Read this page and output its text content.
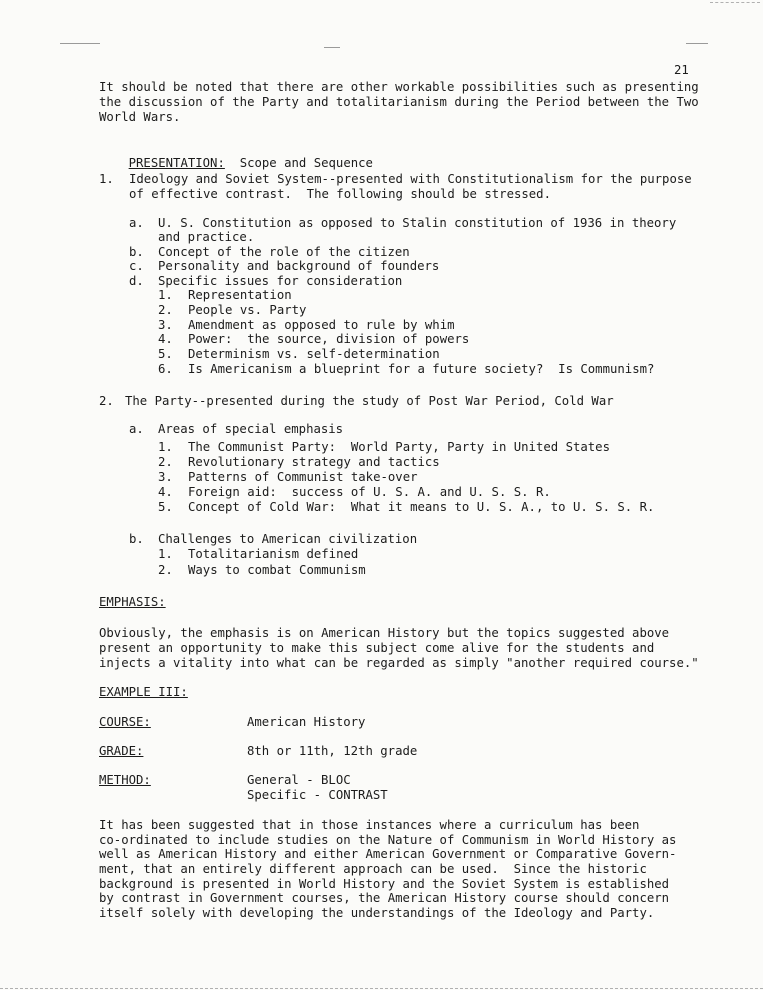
21
It should be noted that there are other workable possibilities such as presenting
the discussion of the Party and totalitarianism during the Period between the Two
World Wars.

PRESENTATION: Scope and Sequence

1. Ideology and Soviet System--presented with Constitutionalism for the purpose
of effective contrast.  The following should be stressed.
a. U. S. Constitution as opposed to Stalin constitution of 1936 in theory
and practice.
b. Concept of the role of the citizen
c. Personality and background of founders
d. Specific issues for consideration
1. Representation
2. People vs. Party
3. Amendment as opposed to rule by whim
4. Power:  the source, division of powers
5. Determinism vs. self-determination
6. Is Americanism a blueprint for a future society?  Is Communism?
2. The Party--presented during the study of Post War Period, Cold War
a. Areas of special emphasis
1. The Communist Party:  World Party, Party in United States
2. Revolutionary strategy and tactics
3. Patterns of Communist take-over
4. Foreign aid:  success of U. S. A. and U. S. S. R.
5. Concept of Cold War:  What it means to U. S. A., to U. S. S. R.
b. Challenges to American civilization
1. Totalitarianism defined
2. Ways to combat Communism
EMPHASIS:
Obviously, the emphasis is on American History but the topics suggested above
present an opportunity to make this subject come alive for the students and
injects a vitality into what can be regarded as simply "another required course."
EXAMPLE III:
COURSE:	American History
GRADE:	8th or 11th, 12th grade
METHOD:	General - BLOC
Specific - CONTRAST
It has been suggested that in those instances where a curriculum has been
co-ordinated to include studies on the Nature of Communism in World History as
well as American History and either American Government or Comparative Govern-
ment, that an entirely different approach can be used.  Since the historic
background is presented in World History and the Soviet System is established
by contrast in Government courses, the American History course should concern
itself solely with developing the understandings of the Ideology and Party.
